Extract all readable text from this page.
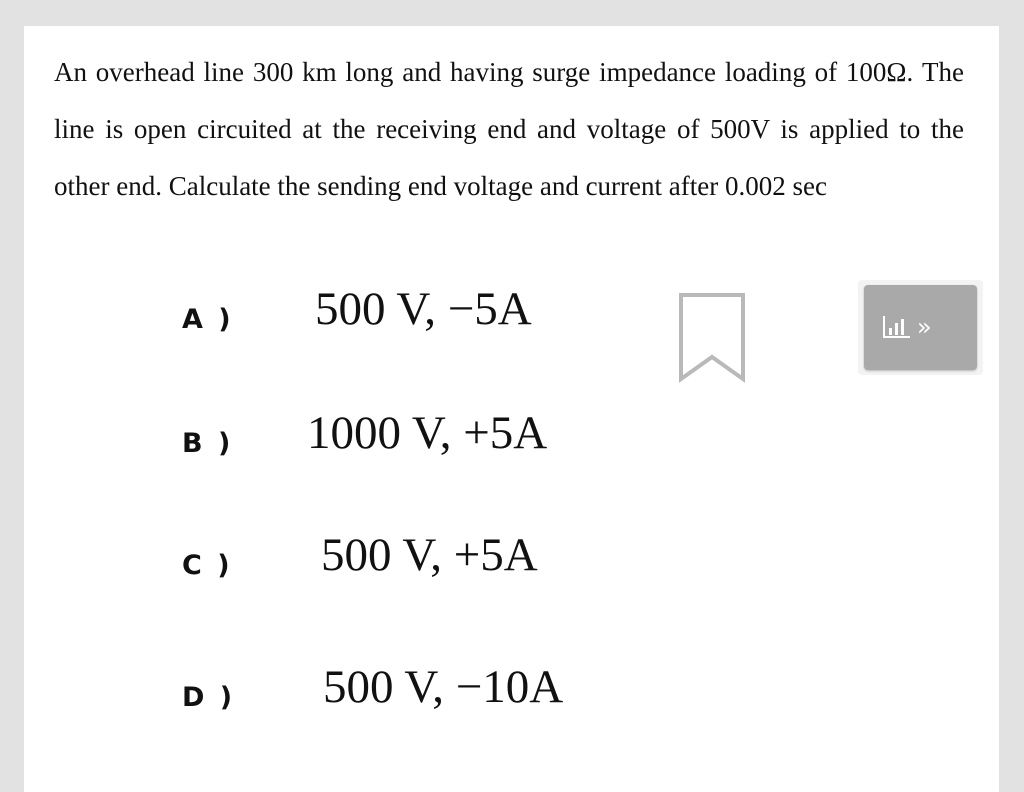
An overhead line 300 km long and having surge impedance loading of 100Ω. The line is open circuited at the receiving end and voltage of 500V is applied to the other end. Calculate the sending end voltage and current after 0.002 sec

A ) 500 V, −5A
B ) 1000 V, +5A
C ) 500 V, +5A
D ) 500 V, −10A
»
